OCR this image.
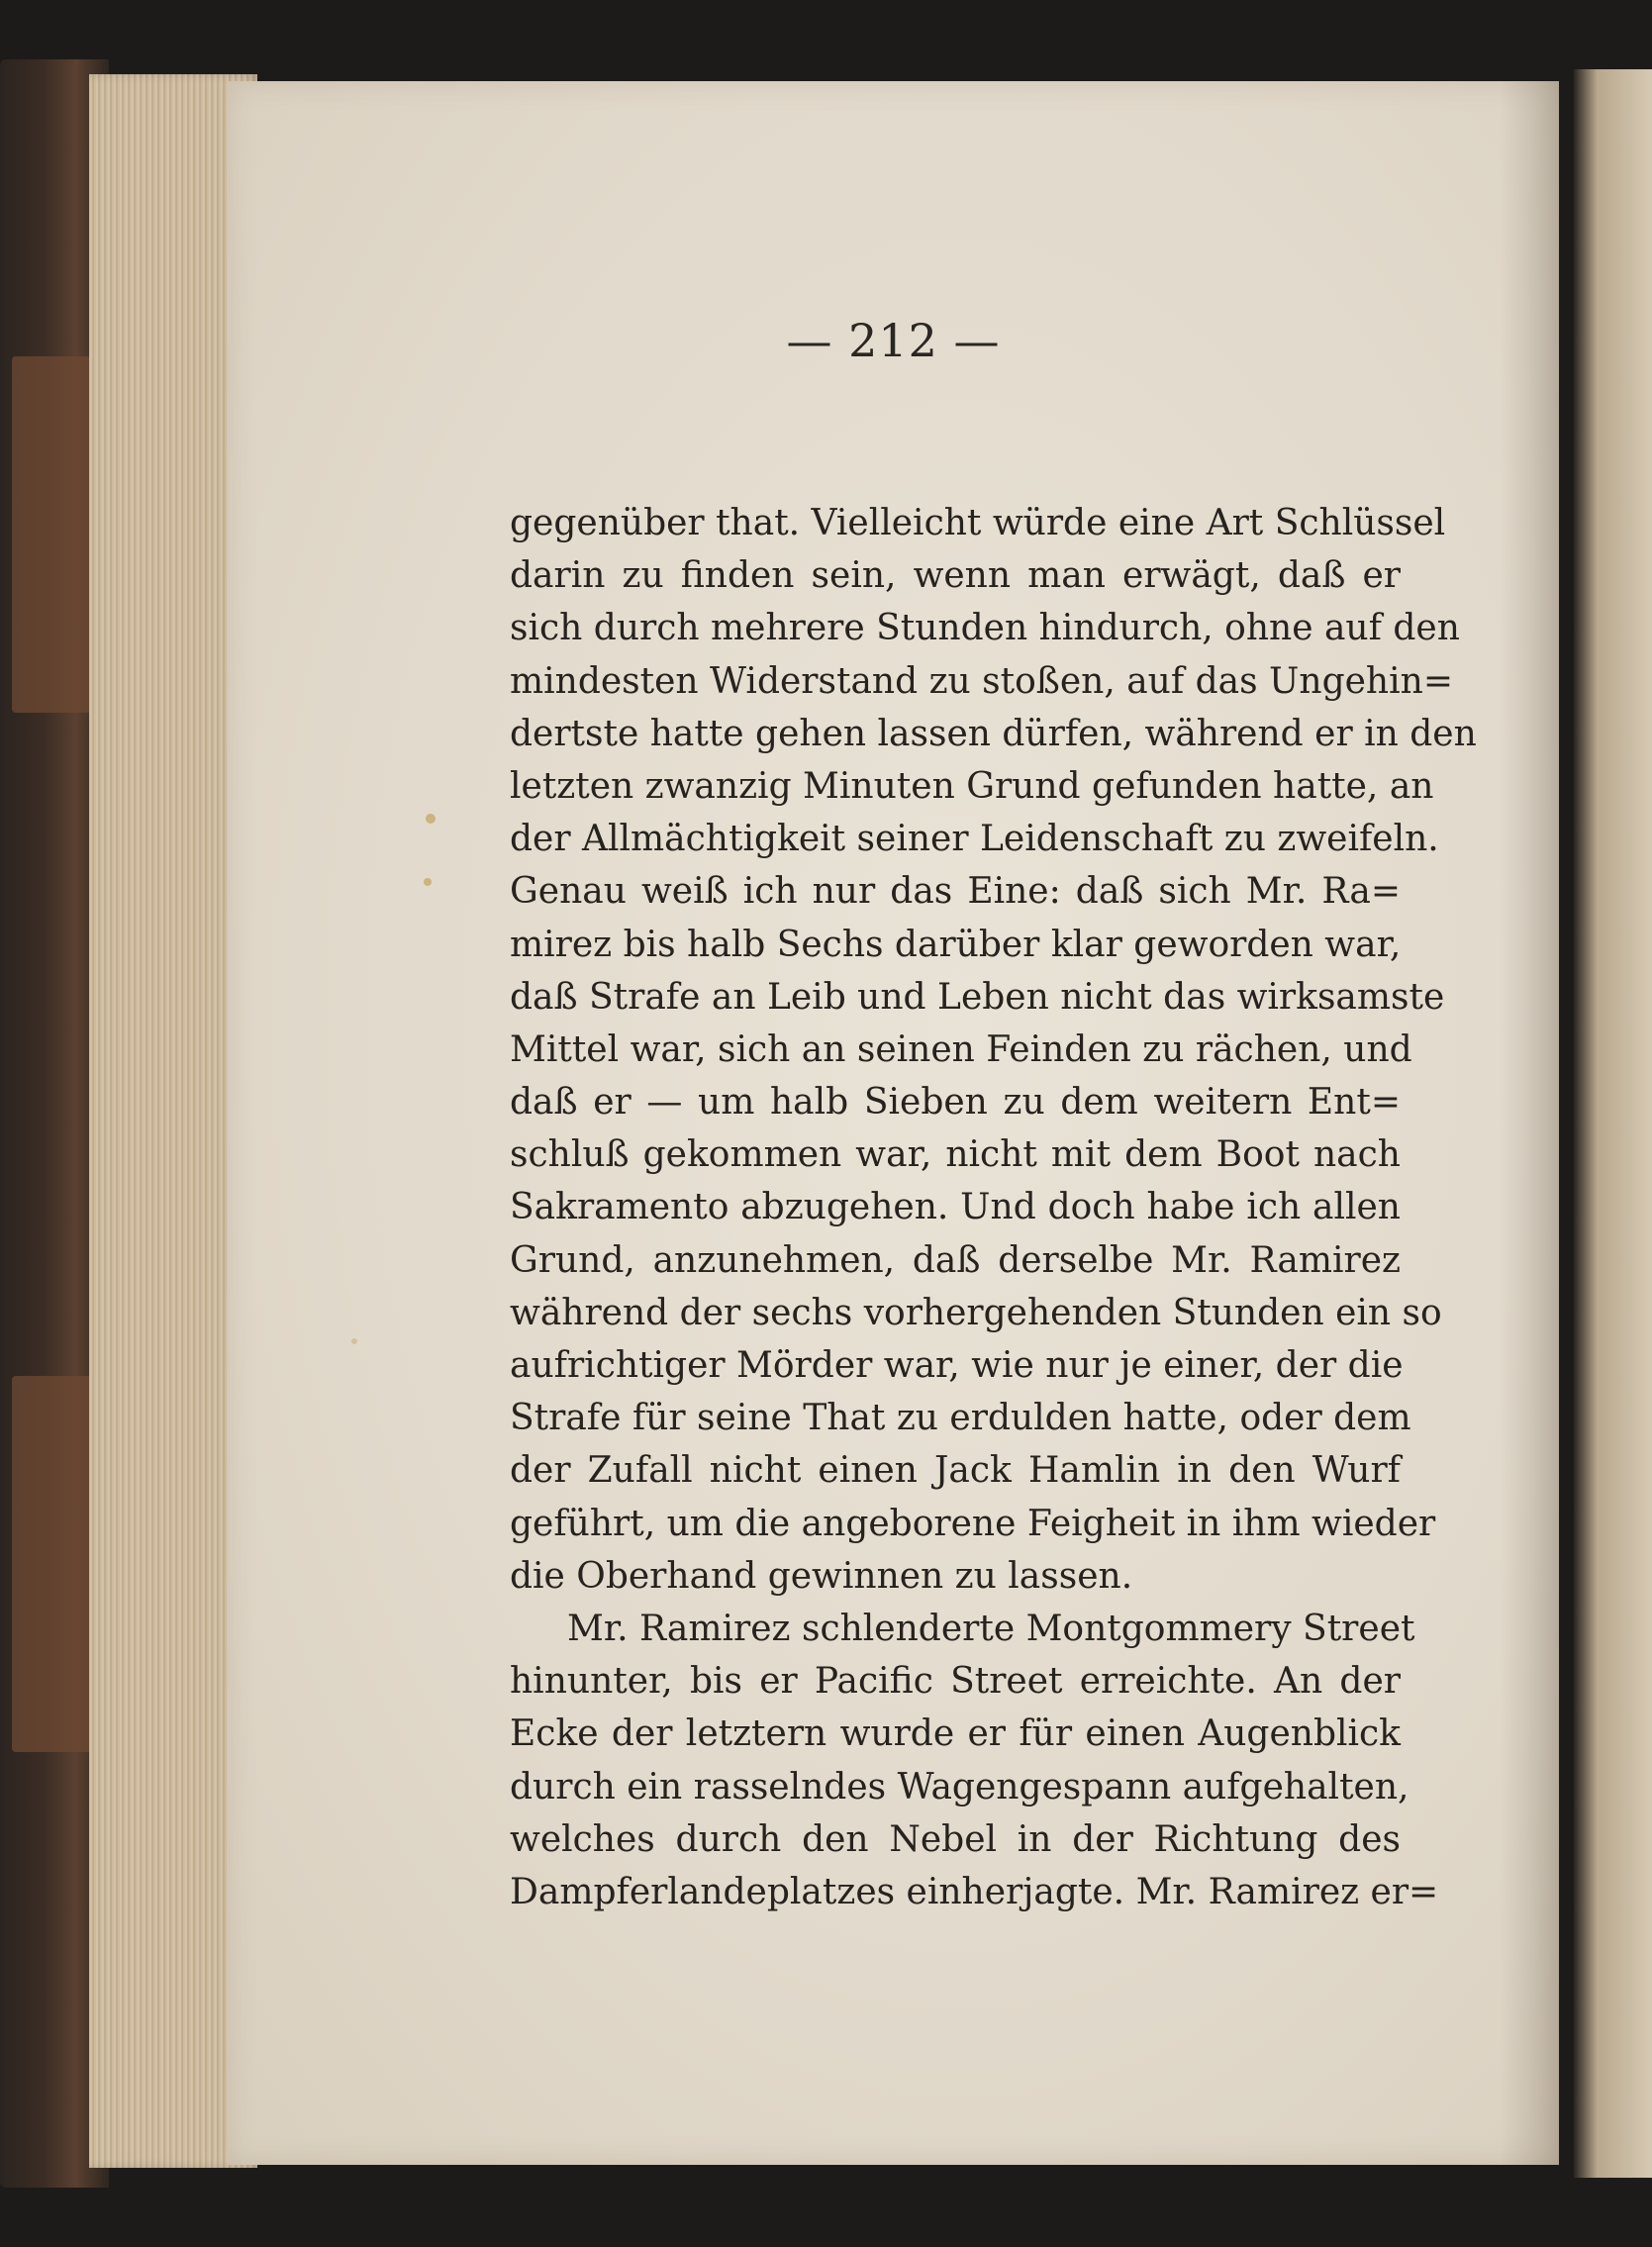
— 212 —
gegenüber that. Vielleicht würde eine Art Schlüssel
darin zu finden sein, wenn man erwägt, daß er
sich durch mehrere Stunden hindurch, ohne auf den
mindesten Widerstand zu stoßen, auf das Ungehin=
dertste hatte gehen lassen dürfen, während er in den
letzten zwanzig Minuten Grund gefunden hatte, an
der Allmächtigkeit seiner Leidenschaft zu zweifeln.
Genau weiß ich nur das Eine: daß sich Mr. Ra=
mirez bis halb Sechs darüber klar geworden war,
daß Strafe an Leib und Leben nicht das wirksamste
Mittel war, sich an seinen Feinden zu rächen, und
daß er — um halb Sieben zu dem weitern Ent=
schluß gekommen war, nicht mit dem Boot nach
Sakramento abzugehen. Und doch habe ich allen
Grund, anzunehmen, daß derselbe Mr. Ramirez
während der sechs vorhergehenden Stunden ein so
aufrichtiger Mörder war, wie nur je einer, der die
Strafe für seine That zu erdulden hatte, oder dem
der Zufall nicht einen Jack Hamlin in den Wurf
geführt, um die angeborene Feigheit in ihm wieder
die Oberhand gewinnen zu lassen.
Mr. Ramirez schlenderte Montgommery Street
hinunter, bis er Pacific Street erreichte. An der
Ecke der letztern wurde er für einen Augenblick
durch ein rasselndes Wagengespann aufgehalten,
welches durch den Nebel in der Richtung des
Dampferlandeplatzes einherjagte. Mr. Ramirez er=
